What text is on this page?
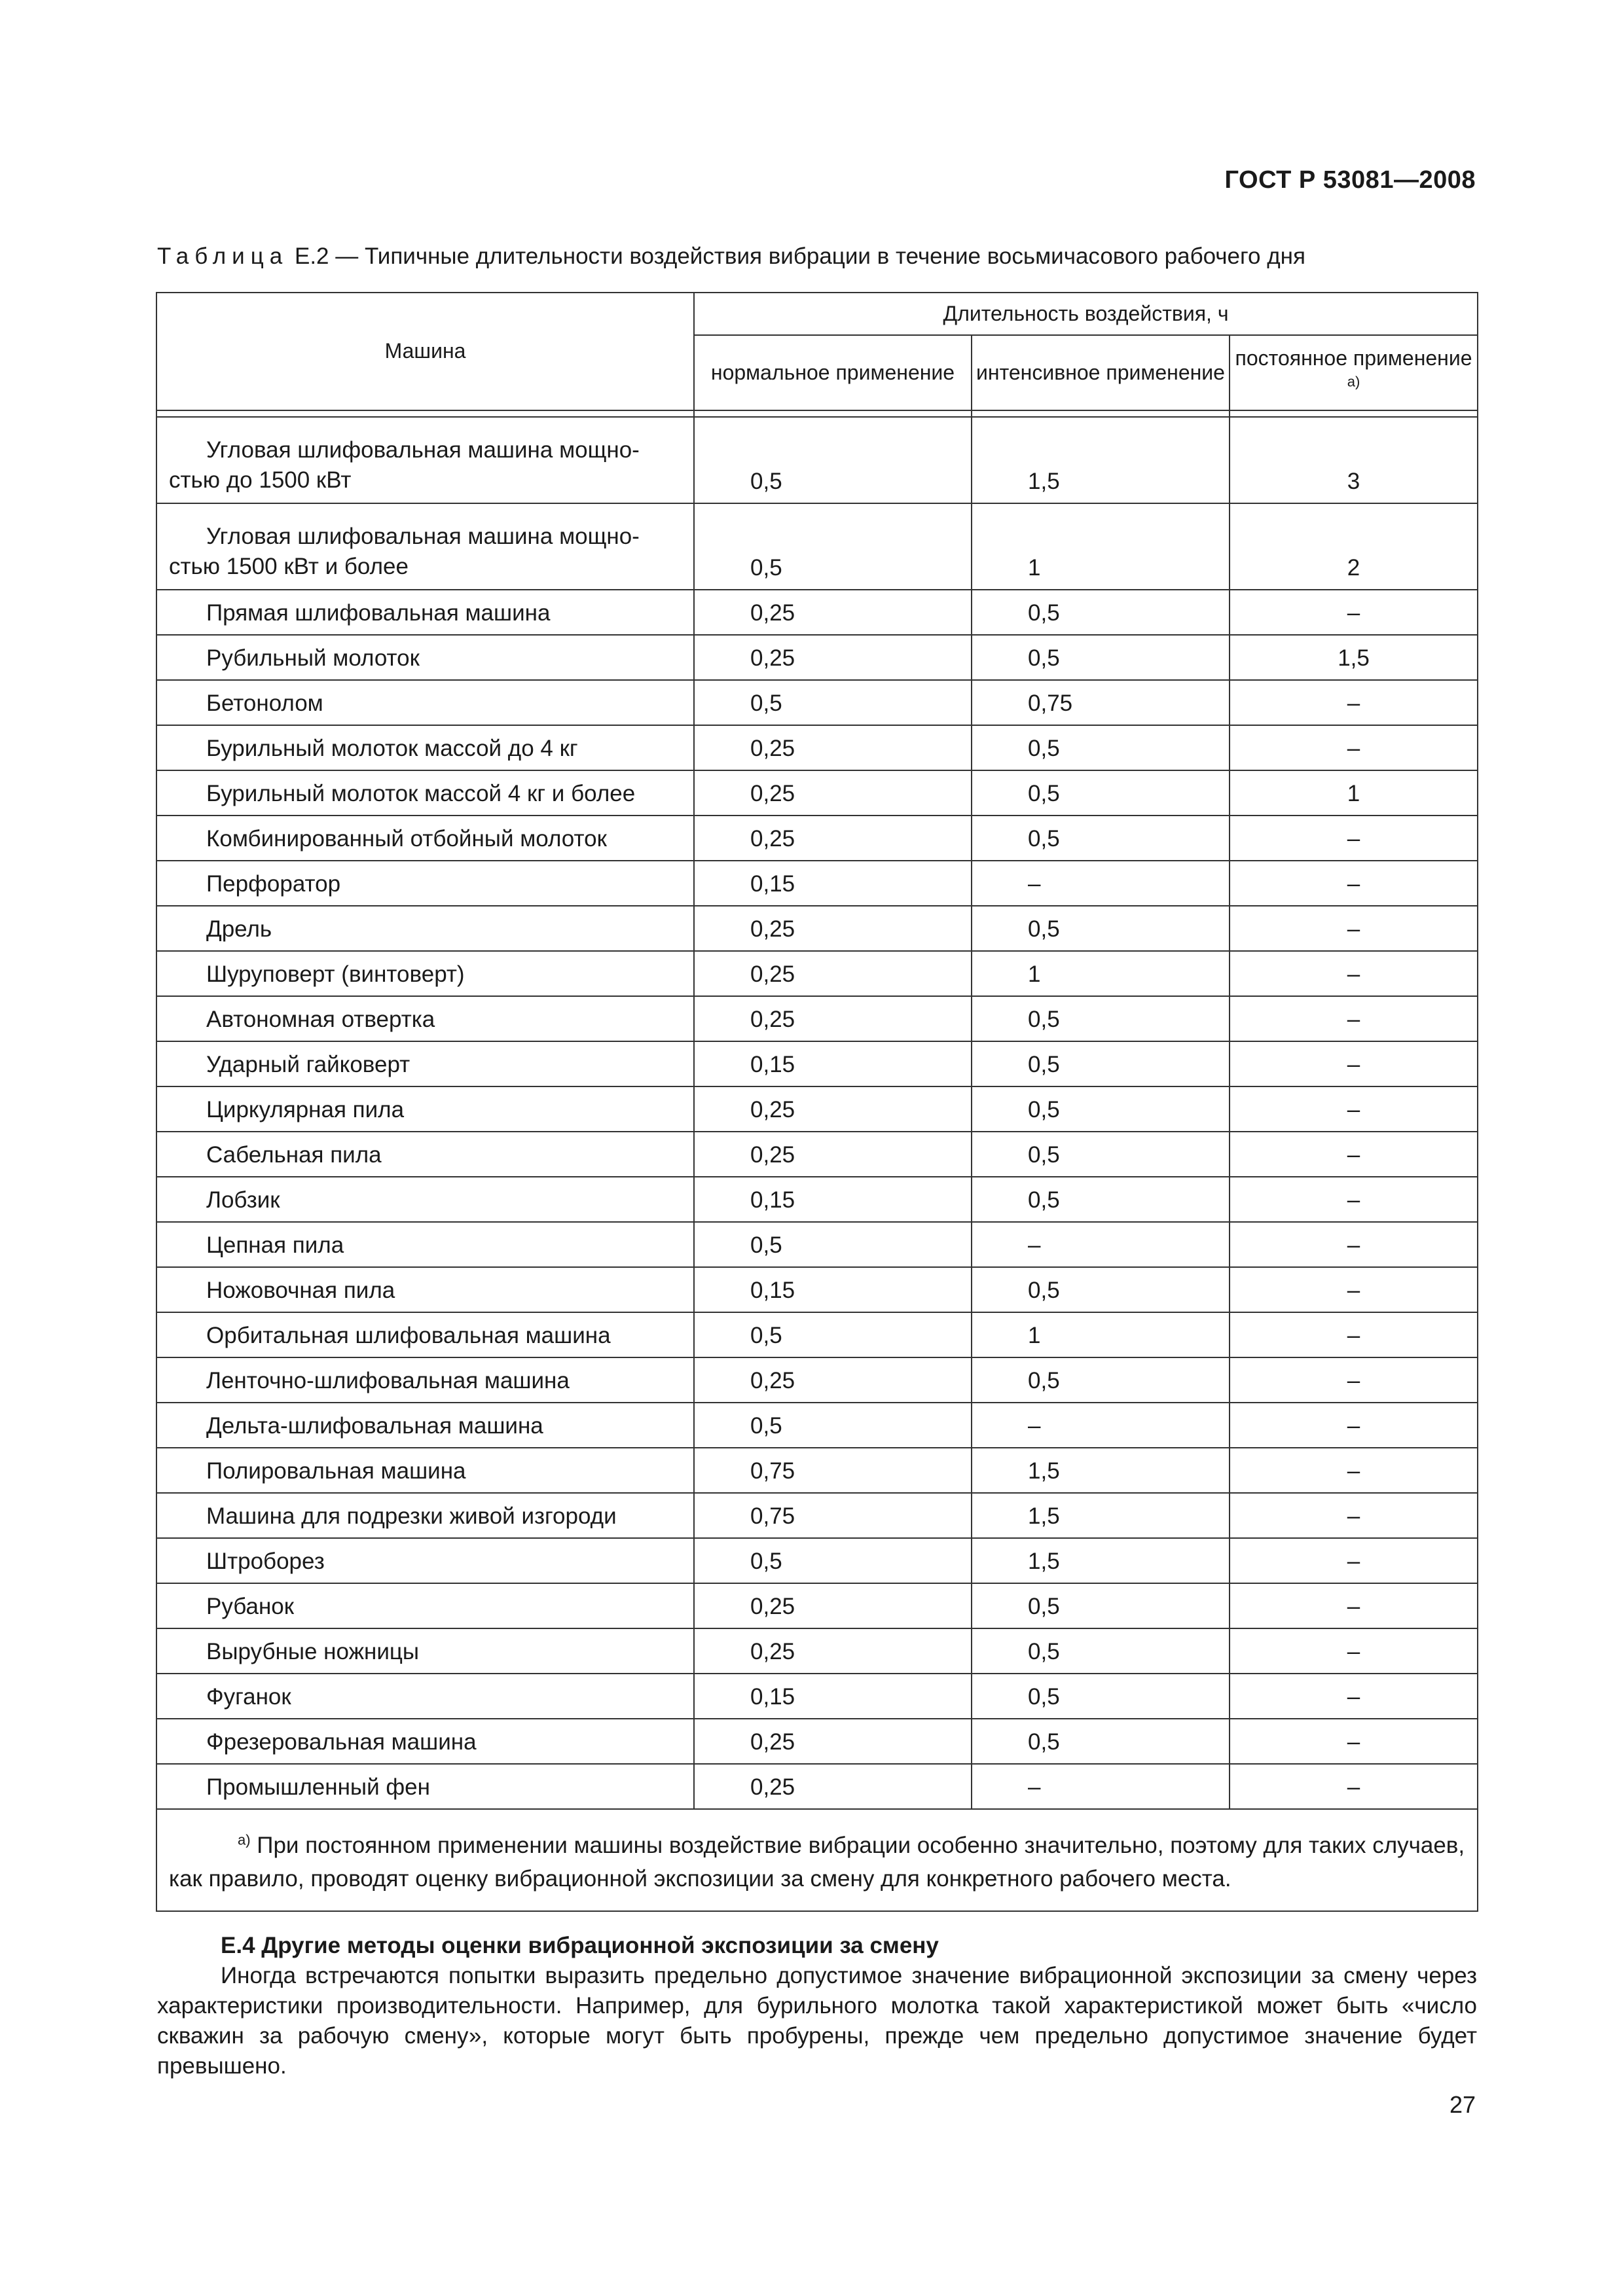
ГОСТ Р 53081—2008
Таблица Е.2 — Типичные длительности воздействия вибрации в течение восьмичасового рабочего дня
Машина	Длительность воздействия, ч		
	нормальное применение	интенсивное применение	постоянное применение $^{а)}$

Угловая шлифовальная машина мощно-
стью до 1500 кВт	0,5	1,5	3

Угловая шлифовальная машина мощно-
стью 1500 кВт и более	0,5	1	2
Прямая шлифовальная машина	0,25	0,5	–
Рубильный молоток	0,25	0,5	1,5
Бетонолом	0,5	0,75	–
Бурильный молоток массой до 4 кг	0,25	0,5	–
Бурильный молоток массой 4 кг и более	0,25	0,5	1
Комбинированный отбойный молоток	0,25	0,5	–
Перфоратор	0,15	–	–
Дрель	0,25	0,5	–
Шуруповерт (винтоверт)	0,25	1	–
Автономная отвертка	0,25	0,5	–
Ударный гайковерт	0,15	0,5	–
Циркулярная пила	0,25	0,5	–
Сабельная пила	0,25	0,5	–
Лобзик	0,15	0,5	–
Цепная пила	0,5	–	–
Ножовочная пила	0,15	0,5	–
Орбитальная шлифовальная машина	0,5	1	–
Ленточно-шлифовальная машина	0,25	0,5	–
Дельта-шлифовальная машина	0,5	–	–
Полировальная машина	0,75	1,5	–
Машина для подрезки живой изгороди	0,75	1,5	–
Штроборез	0,5	1,5	–
Рубанок	0,25	0,5	–
Вырубные ножницы	0,25	0,5	–
Фуганок	0,15	0,5	–
Фрезеровальная машина	0,25	0,5	–
Промышленный фен	0,25	–	–
$^{а)}$ При постоянном применении машины воздействие вибрации особенно значительно, поэтому для таких случаев, как правило, проводят оценку вибрационной экспозиции за смену для конкретного рабочего места.			
Е.4 Другие методы оценки вибрационной экспозиции за смену
Иногда встречаются попытки выразить предельно допустимое значение вибрационной экспозиции за смену через характеристики производительности. Например, для бурильного молотка такой характеристикой может быть «число скважин за рабочую смену», которые могут быть пробурены, прежде чем предельно допустимое значение будет превышено.
27
